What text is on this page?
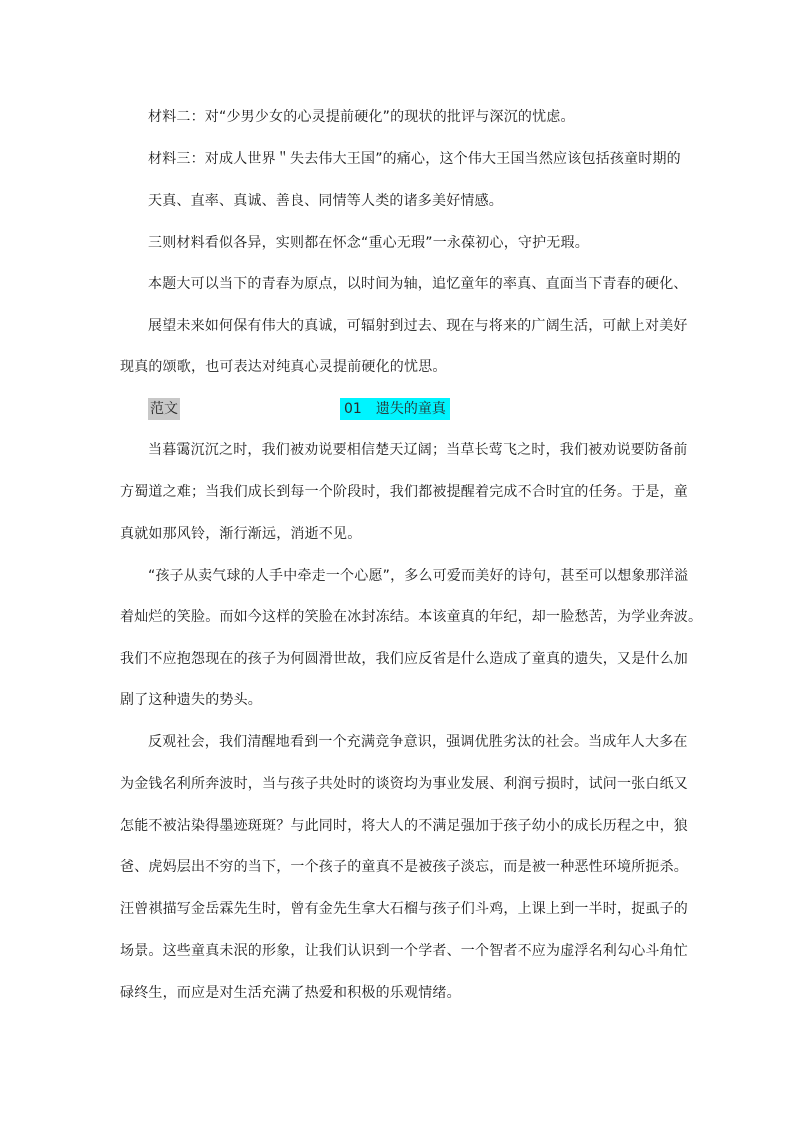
材料二：对“少男少女的心灵提前硬化”的现状的批评与深沉的忧虑。
材料三：对成人世界＂失去伟大王国”的痛心，这个伟大王国当然应该包括孩童时期的
天真、直率、真诚、善良、同情等人类的诸多美好情感。
三则材料看似各异，实则都在怀念“重心无瑕”一永葆初心，守护无瑕。
本题大可以当下的青春为原点，以时间为轴，追忆童年的率真、直面当下青春的硬化、
展望未来如何保有伟大的真诚，可辐射到过去、现在与将来的广阔生活，可献上对美好
现真的颂歌，也可表达对纯真心灵提前硬化的忧思。
范文	01　遗失的童真
当暮霭沉沉之时，我们被劝说要相信楚天辽阔；当草长莺飞之时，我们被劝说要防备前
方蜀道之难；当我们成长到每一个阶段时，我们都被提醒着完成不合时宜的任务。于是，童
真就如那风铃，渐行渐远，消逝不见。
“孩子从卖气球的人手中牵走一个心愿”，多么可爱而美好的诗句，甚至可以想象那洋溢
着灿烂的笑脸。而如今这样的笑脸在冰封冻结。本该童真的年纪，却一脸愁苦，为学业奔波。
我们不应抱怨现在的孩子为何圆滑世故，我们应反省是什么造成了童真的遗失，又是什么加
剧了这种遗失的势头。
反观社会，我们清醒地看到一个充满竞争意识，强调优胜劣汰的社会。当成年人大多在
为金钱名利所奔波时，当与孩子共处时的谈资均为事业发展、利润亏损时，试问一张白纸又
怎能不被沾染得墨迹斑斑？与此同时，将大人的不满足强加于孩子幼小的成长历程之中，狼
爸、虎妈层出不穷的当下，一个孩子的童真不是被孩子淡忘，而是被一种恶性环境所扼杀。
汪曾祺描写金岳霖先生时，曾有金先生拿大石榴与孩子们斗鸡，上课上到一半时，捉虱子的
场景。这些童真未泯的形象，让我们认识到一个学者、一个智者不应为虚浮名利勾心斗角忙
碌终生，而应是对生活充满了热爱和积极的乐观情绪。
